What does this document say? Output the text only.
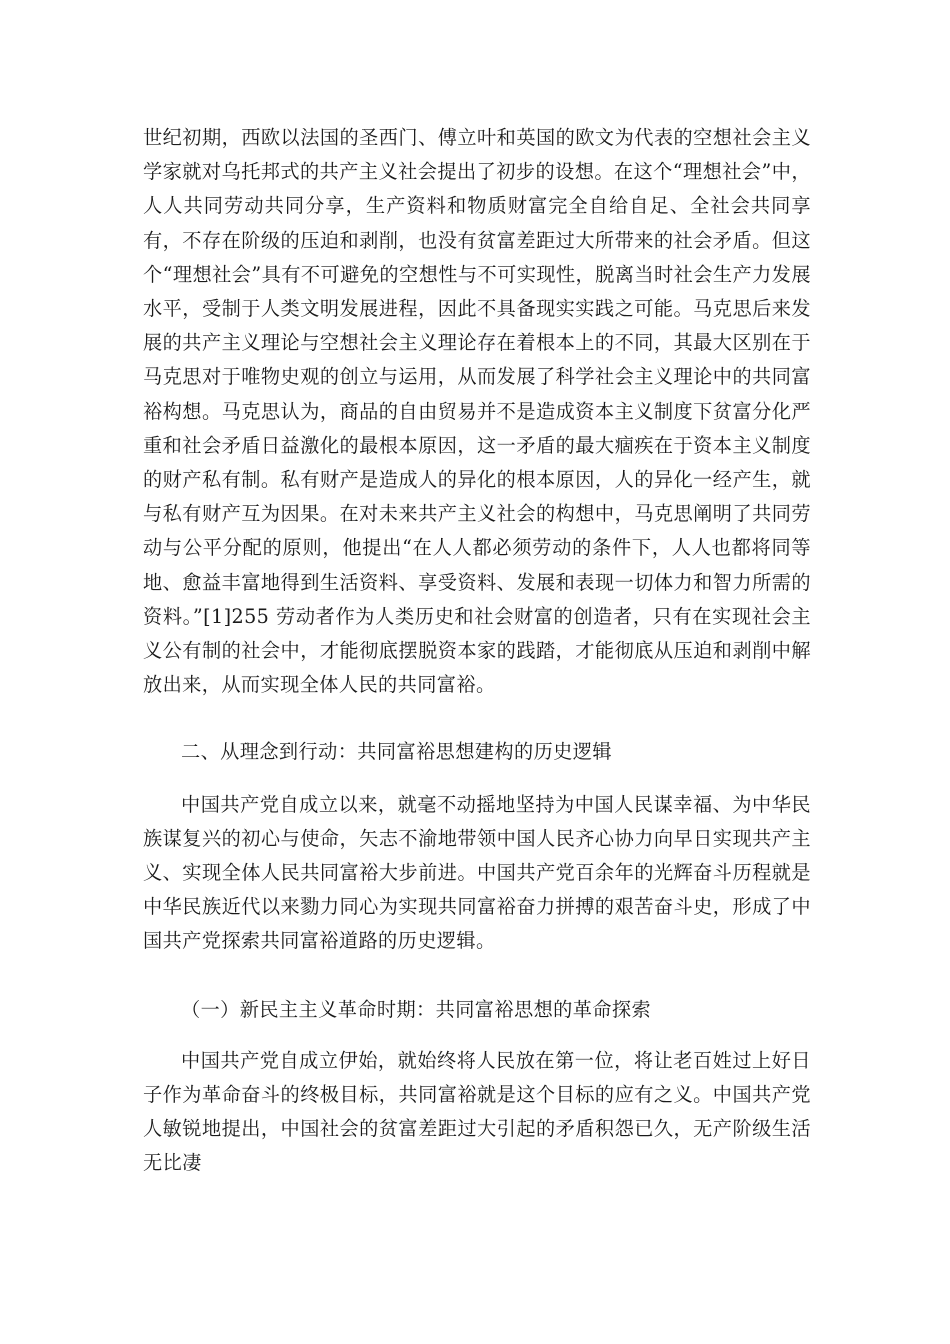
世纪初期，西欧以法国的圣西门、傅立叶和英国的欧文为代表的空想社会主义学家就对乌托邦式的共产主义社会提出了初步的设想。在这个“理想社会”中，人人共同劳动共同分享，生产资料和物质财富完全自给自足、全社会共同享有，不存在阶级的压迫和剥削，也没有贫富差距过大所带来的社会矛盾。但这个“理想社会”具有不可避免的空想性与不可实现性，脱离当时社会生产力发展水平，受制于人类文明发展进程，因此不具备现实实践之可能。马克思后来发展的共产主义理论与空想社会主义理论存在着根本上的不同，其最大区别在于马克思对于唯物史观的创立与运用，从而发展了科学社会主义理论中的共同富裕构想。马克思认为，商品的自由贸易并不是造成资本主义制度下贫富分化严重和社会矛盾日益激化的最根本原因，这一矛盾的最大痼疾在于资本主义制度的财产私有制。私有财产是造成人的异化的根本原因，人的异化一经产生，就与私有财产互为因果。在对未来共产主义社会的构想中，马克思阐明了共同劳动与公平分配的原则，他提出“在人人都必须劳动的条件下，人人也都将同等地、愈益丰富地得到生活资料、享受资料、发展和表现一切体力和智力所需的资料。”[1]255 劳动者作为人类历史和社会财富的创造者，只有在实现社会主义公有制的社会中，才能彻底摆脱资本家的践踏，才能彻底从压迫和剥削中解放出来，从而实现全体人民的共同富裕。

二、从理念到行动：共同富裕思想建构的历史逻辑

中国共产党自成立以来，就毫不动摇地坚持为中国人民谋幸福、为中华民族谋复兴的初心与使命，矢志不渝地带领中国人民齐心协力向早日实现共产主义、实现全体人民共同富裕大步前进。中国共产党百余年的光辉奋斗历程就是中华民族近代以来勠力同心为实现共同富裕奋力拼搏的艰苦奋斗史，形成了中国共产党探索共同富裕道路的历史逻辑。

（一）新民主主义革命时期：共同富裕思想的革命探索

中国共产党自成立伊始，就始终将人民放在第一位，将让老百姓过上好日子作为革命奋斗的终极目标，共同富裕就是这个目标的应有之义。中国共产党人敏锐地提出，中国社会的贫富差距过大引起的矛盾积怨已久，无产阶级生活无比凄
